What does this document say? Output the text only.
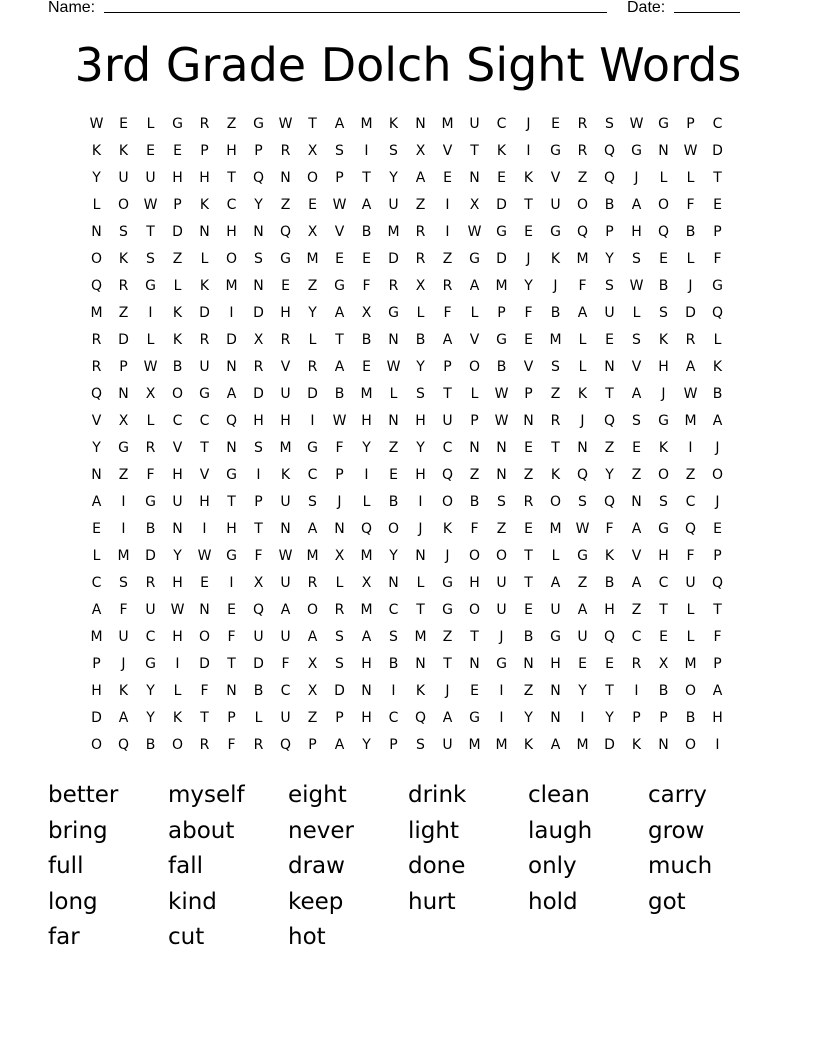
Name:	Date:
3rd Grade Dolch Sight Words
W	E	L	G	R	Z	G	W	T	A	M	K	N	M	U	C	J	E	R	S	W	G	P	C
K	K	E	E	P	H	P	R	X	S	I	S	X	V	T	K	I	G	R	Q	G	N	W	D
Y	U	U	H	H	T	Q	N	O	P	T	Y	A	E	N	E	K	V	Z	Q	J	L	L	T
L	O	W	P	K	C	Y	Z	E	W	A	U	Z	I	X	D	T	U	O	B	A	O	F	E
N	S	T	D	N	H	N	Q	X	V	B	M	R	I	W	G	E	G	Q	P	H	Q	B	P
O	K	S	Z	L	O	S	G	M	E	E	D	R	Z	G	D	J	K	M	Y	S	E	L	F
Q	R	G	L	K	M	N	E	Z	G	F	R	X	R	A	M	Y	J	F	S	W	B	J	G
M	Z	I	K	D	I	D	H	Y	A	X	G	L	F	L	P	F	B	A	U	L	S	D	Q
R	D	L	K	R	D	X	R	L	T	B	N	B	A	V	G	E	M	L	E	S	K	R	L
R	P	W	B	U	N	R	V	R	A	E	W	Y	P	O	B	V	S	L	N	V	H	A	K
Q	N	X	O	G	A	D	U	D	B	M	L	S	T	L	W	P	Z	K	T	A	J	W	B
V	X	L	C	C	Q	H	H	I	W	H	N	H	U	P	W	N	R	J	Q	S	G	M	A
Y	G	R	V	T	N	S	M	G	F	Y	Z	Y	C	N	N	E	T	N	Z	E	K	I	J
N	Z	F	H	V	G	I	K	C	P	I	E	H	Q	Z	N	Z	K	Q	Y	Z	O	Z	O
A	I	G	U	H	T	P	U	S	J	L	B	I	O	B	S	R	O	S	Q	N	S	C	J
E	I	B	N	I	H	T	N	A	N	Q	O	J	K	F	Z	E	M	W	F	A	G	Q	E
L	M	D	Y	W	G	F	W	M	X	M	Y	N	J	O	O	T	L	G	K	V	H	F	P
C	S	R	H	E	I	X	U	R	L	X	N	L	G	H	U	T	A	Z	B	A	C	U	Q
A	F	U	W	N	E	Q	A	O	R	M	C	T	G	O	U	E	U	A	H	Z	T	L	T
M	U	C	H	O	F	U	U	A	S	A	S	M	Z	T	J	B	G	U	Q	C	E	L	F
P	J	G	I	D	T	D	F	X	S	H	B	N	T	N	G	N	H	E	E	R	X	M	P
H	K	Y	L	F	N	B	C	X	D	N	I	K	J	E	I	Z	N	Y	T	I	B	O	A
D	A	Y	K	T	P	L	U	Z	P	H	C	Q	A	G	I	Y	N	I	Y	P	P	B	H
O	Q	B	O	R	F	R	Q	P	A	Y	P	S	U	M	M	K	A	M	D	K	N	O	I
better	myself	eight	drink	clean	carry
bring	about	never	light	laugh	grow
full	fall	draw	done	only	much
long	kind	keep	hurt	hold	got
far	cut	hot
